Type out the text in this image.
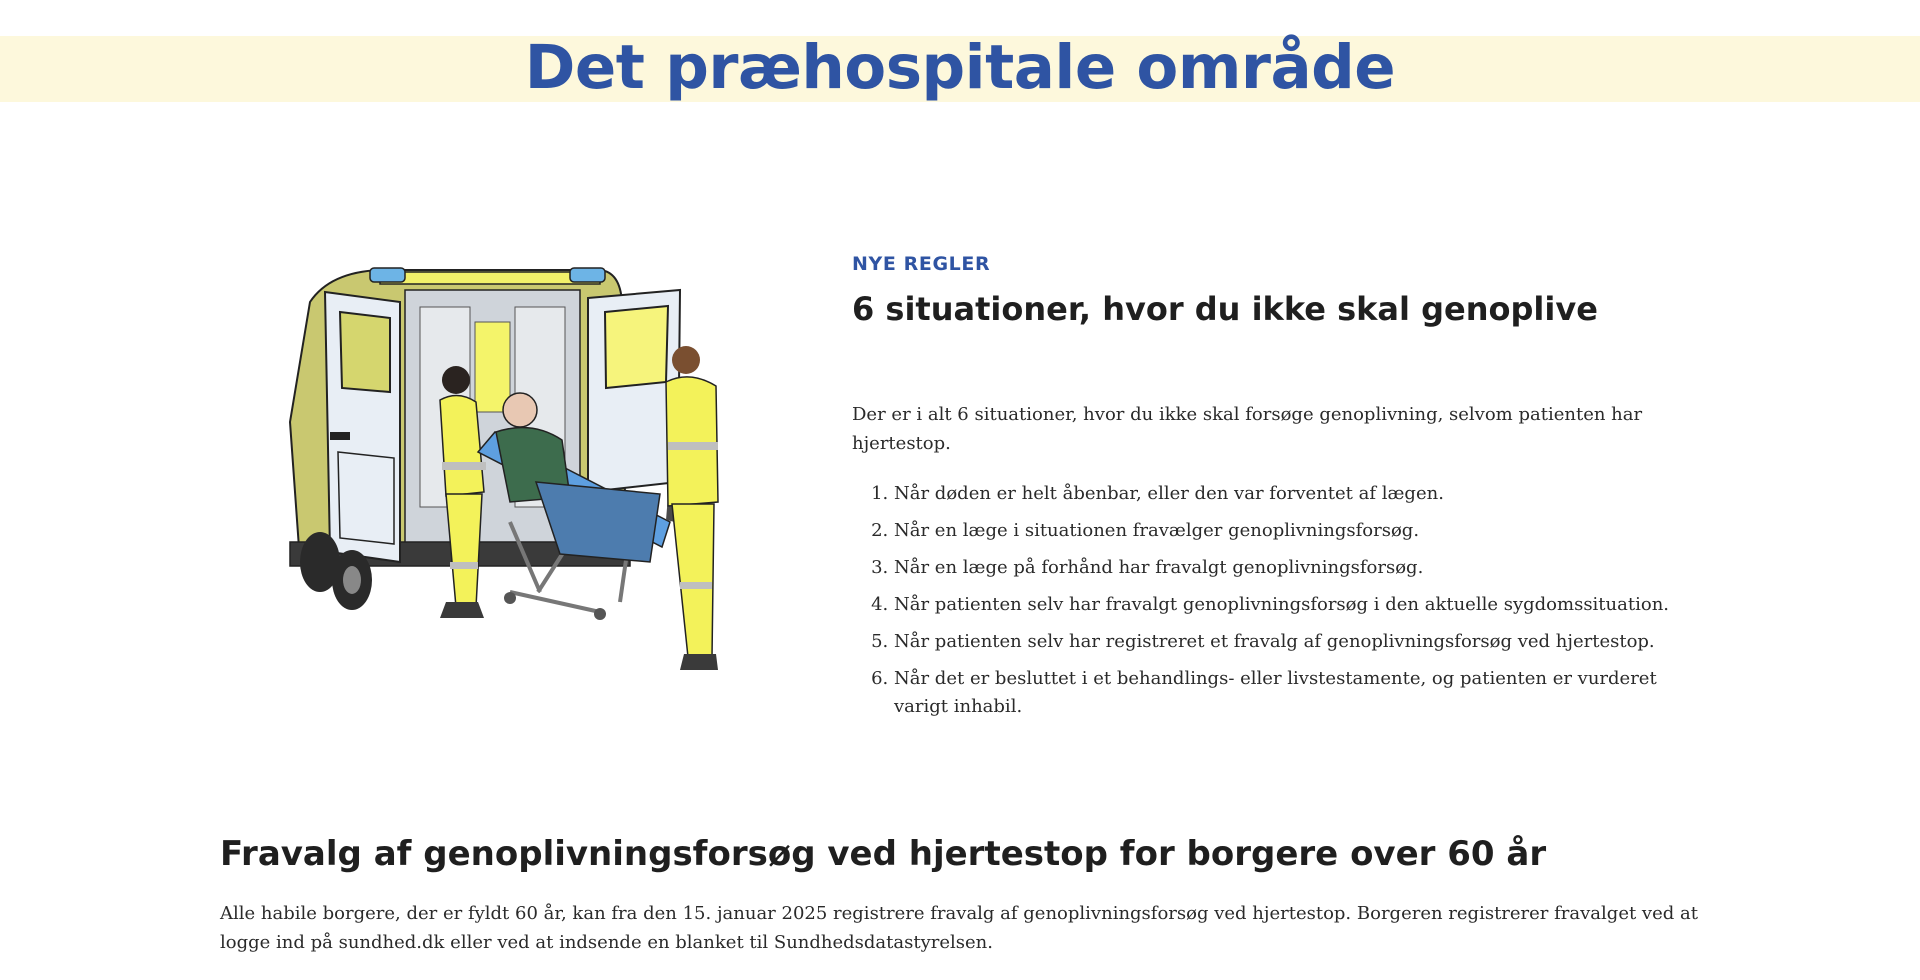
Det præhospitale område

NYE REGLER

6 situationer, hvor du ikke skal genoplive

Der er i alt 6 situationer, hvor du ikke skal forsøge genoplivning, selvom patienten har hjertestop.

1. Når døden er helt åbenbar, eller den var forventet af lægen.
2. Når en læge i situationen fravælger genoplivningsforsøg.
3. Når en læge på forhånd har fravalgt genoplivningsforsøg.
4. Når patienten selv har fravalgt genoplivningsforsøg i den aktuelle sygdomssituation.
5. Når patienten selv har registreret et fravalg af genoplivningsforsøg ved hjertestop.
6. Når det er besluttet i et behandlings- eller livstestamente, og patienten er vurderet varigt inhabil.
Fravalg af genoplivningsforsøg ved hjertestop for borgere over 60 år

Alle habile borgere, der er fyldt 60 år, kan fra den 15. januar 2025 registrere fravalg af genoplivningsforsøg ved hjertestop. Borgeren registrerer fravalget ved at logge ind på sundhed.dk eller ved at indsende en blanket til Sundhedsdatastyrelsen.
